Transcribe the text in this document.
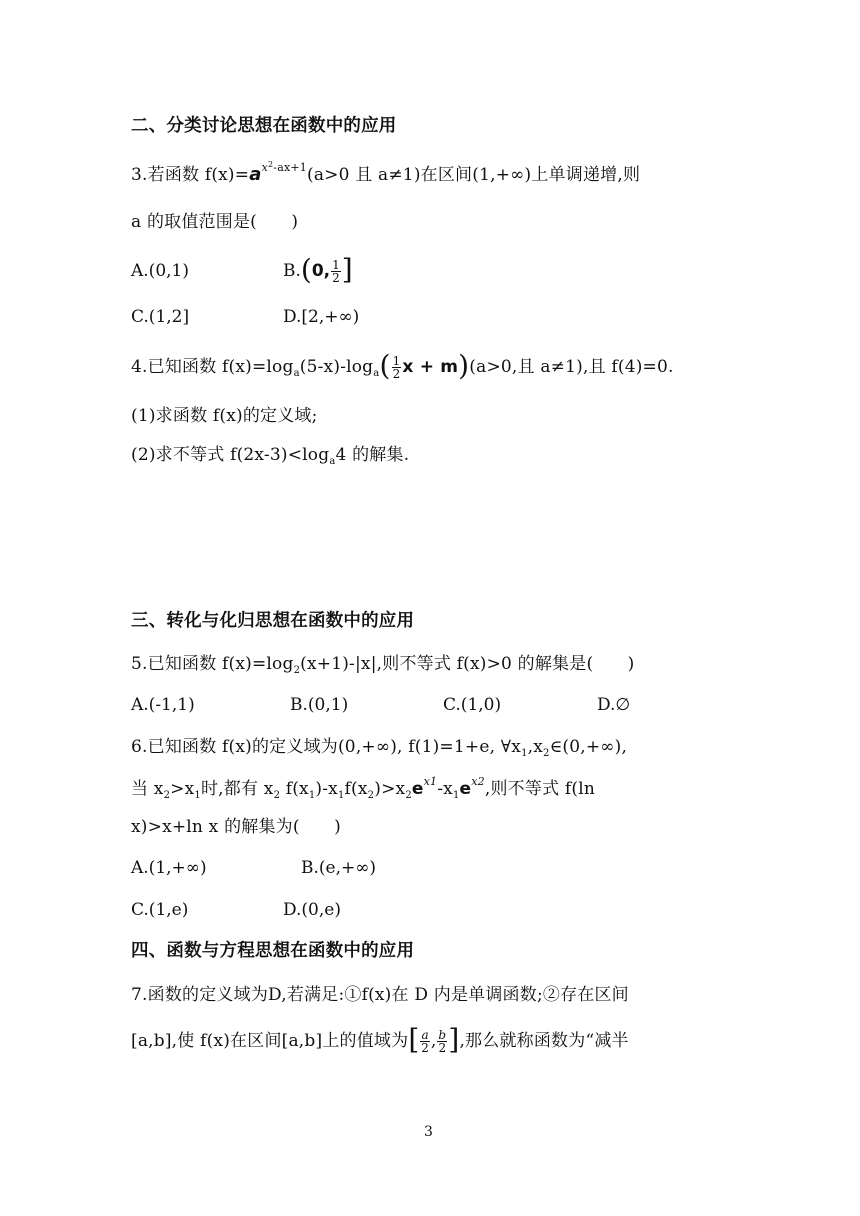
二、分类讨论思想在函数中的应用
3.若函数 $f(x)=a^{x^2-ax+1}(a>0$ 且 a≠1)在区间(1,+∞)上单调递增,则
a 的取值范围是(　　)
A.(0,1)	B.(0, $\frac{1}{2}$ ]
C.(1,2]	D.[2,+∞)
4.已知函数 $f(x)=\log_a(5-x)-\log_a( \frac{1}{2}$ x + m)(a>0,且 a≠1),且 f(4)=0.
(1)求函数 f(x)的定义域;
(2)求不等式 $f(2x-3)<\log_a4$ 的解集.
三、转化与化归思想在函数中的应用
5.已知函数 $f(x)=\log_2(x+1)-|x|$,则不等式 f(x)>0 的解集是(　　)
A.(-1,1)	B.(0,1)	C.(1,0)	D.∅
6.已知函数 f(x)的定义域为(0,+∞), f(1)=1+e, $\forall x_1,x_2\in(0,+\infty)$,
当 $x_2>x_1$时,都有 $x_2$ $f(x_1)-x_1f(x_2)>x_2e^{x1}-x_1e^{x2}$,则不等式 f(ln
x)>x+ln x 的解集为(　　)
A.(1,+∞)	B.(e,+∞)
C.(1,e)	D.(0,e)
四、函数与方程思想在函数中的应用
7.函数的定义域为D,若满足:①f(x)在 D 内是单调函数;②存在区间
[a,b],使 f(x)在区间[a,b]上的值域为[ $\frac{a}{2}$ , $\frac{b}{2}$ ],那么就称函数为“减半
3
